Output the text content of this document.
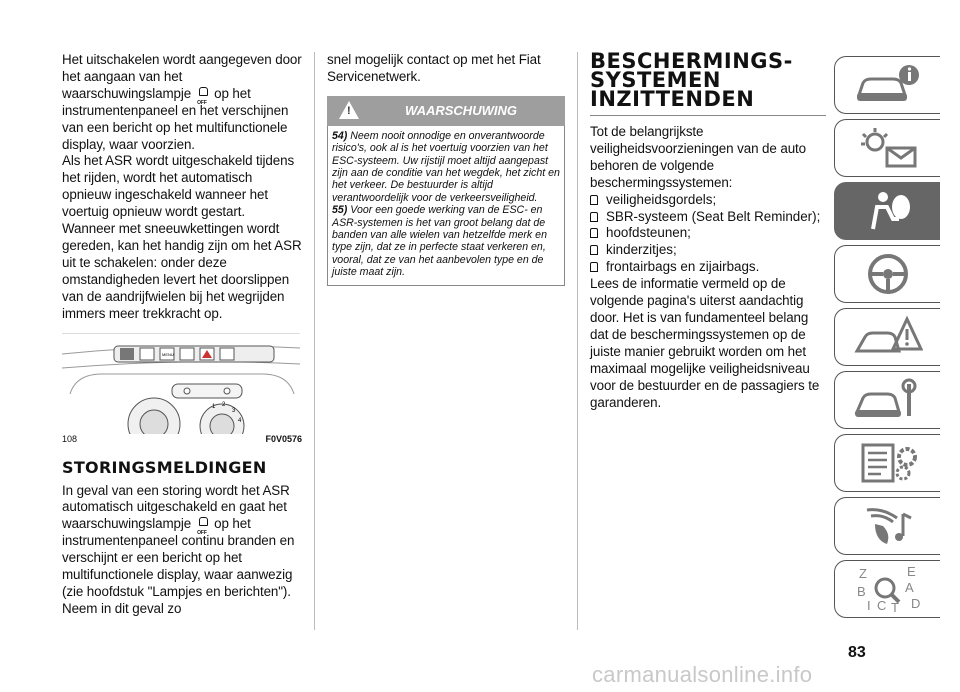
Het uitschakelen wordt aangegeven door het aangaan van het waarschuwingslampje OFF op het instrumentenpaneel en het verschijnen van een bericht op het multifunctionele display, waar voorzien.

Als het ASR wordt uitgeschakeld tijdens het rijden, wordt het automatisch opnieuw ingeschakeld wanneer het voertuig opnieuw wordt gestart.

Wanneer met sneeuwkettingen wordt gereden, kan het handig zijn om het ASR uit te schakelen: onder deze omstandigheden levert het doorslippen van de aandrijfwielen bij het wegrijden immers meer trekkracht op.

MENU
1 2
3
4
108	F0V0576
STORINGSMELDINGEN

In geval van een storing wordt het ASR automatisch uitgeschakeld en gaat het waarschuwingslampje OFF op het instrumentenpaneel continu branden en verschijnt er een bericht op het multifunctionele display, waar aanwezig (zie hoofdstuk "Lampjes en berichten"). Neem in dit geval zo

snel mogelijk contact op met het Fiat Servicenetwerk.

!
WAARSCHUWING

54) Neem nooit onnodige en onverantwoorde risico's, ook al is het voertuig voorzien van het ESC-systeem. Uw rijstijl moet altijd aangepast zijn aan de conditie van het wegdek, het zicht en het verkeer. De bestuurder is altijd verantwoordelijk voor de verkeersveiligheid.

55) Voor een goede werking van de ESC- en ASR-systemen is het van groot belang dat de banden van alle wielen van hetzelfde merk en type zijn, dat ze in perfecte staat verkeren en, vooral, dat ze van het aanbevolen type en de juiste maat zijn.

BESCHERMINGS-
SYSTEMEN
INZITTENDEN

Tot de belangrijkste veiligheidsvoorzieningen van de auto behoren de volgende beschermingssystemen:

veiligheidsgordels;
SBR-systeem (Seat Belt Reminder);
hoofdsteunen;
kinderzitjes;
frontairbags en zijairbags.

Lees de informatie vermeld op de volgende pagina's uiterst aandachtig door. Het is van fundamenteel belang dat de beschermingssystemen op de juiste manier gebruikt worden om het maximaal mogelijke veiligheidsniveau voor de bestuurder en de passagiers te garanderen.

Z	E
B	A
I C T D
83
carmanualsonline.info
